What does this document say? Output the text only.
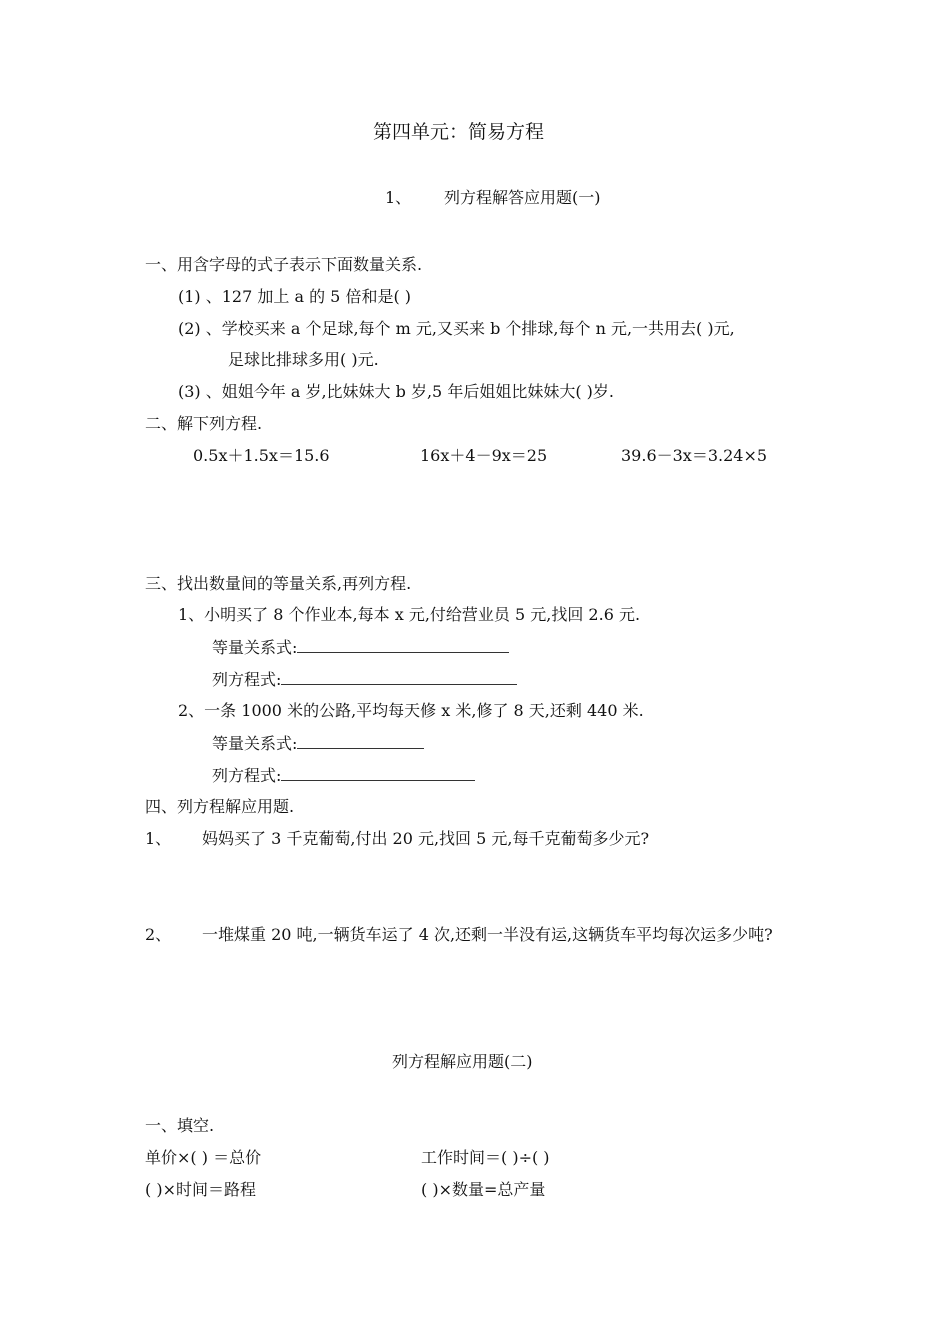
第四单元：简易方程
1、 列方程解答应用题(一)
一、用含字母的式子表示下面数量关系.
(1) 、127 加上 a 的 5 倍和是( )
(2) 、学校买来 a 个足球,每个 m 元,又买来 b 个排球,每个 n 元,一共用去( )元,
足球比排球多用( )元.
(3) 、姐姐今年 a 岁,比妹妹大 b 岁,5 年后姐姐比妹妹大( )岁.
二、解下列方程.
0.5x＋1.5x＝15.6	16x＋4－9x＝25	39.6－3x＝3.24×5
三、找出数量间的等量关系,再列方程.
1、小明买了 8 个作业本,每本 x 元,付给营业员 5 元,找回 2.6 元.
等量关系式:
列方程式:
2、一条 1000 米的公路,平均每天修 x 米,修了 8 天,还剩 440 米.
等量关系式:
列方程式:
四、列方程解应用题.
1、 妈妈买了 3 千克葡萄,付出 20 元,找回 5 元,每千克葡萄多少元?
2、 一堆煤重 20 吨,一辆货车运了 4 次,还剩一半没有运,这辆货车平均每次运多少吨?
列方程解应用题(二)
一、填空.
单价×( ) ＝总价	工作时间＝( )÷( )
( )×时间＝路程	( )×数量=总产量
